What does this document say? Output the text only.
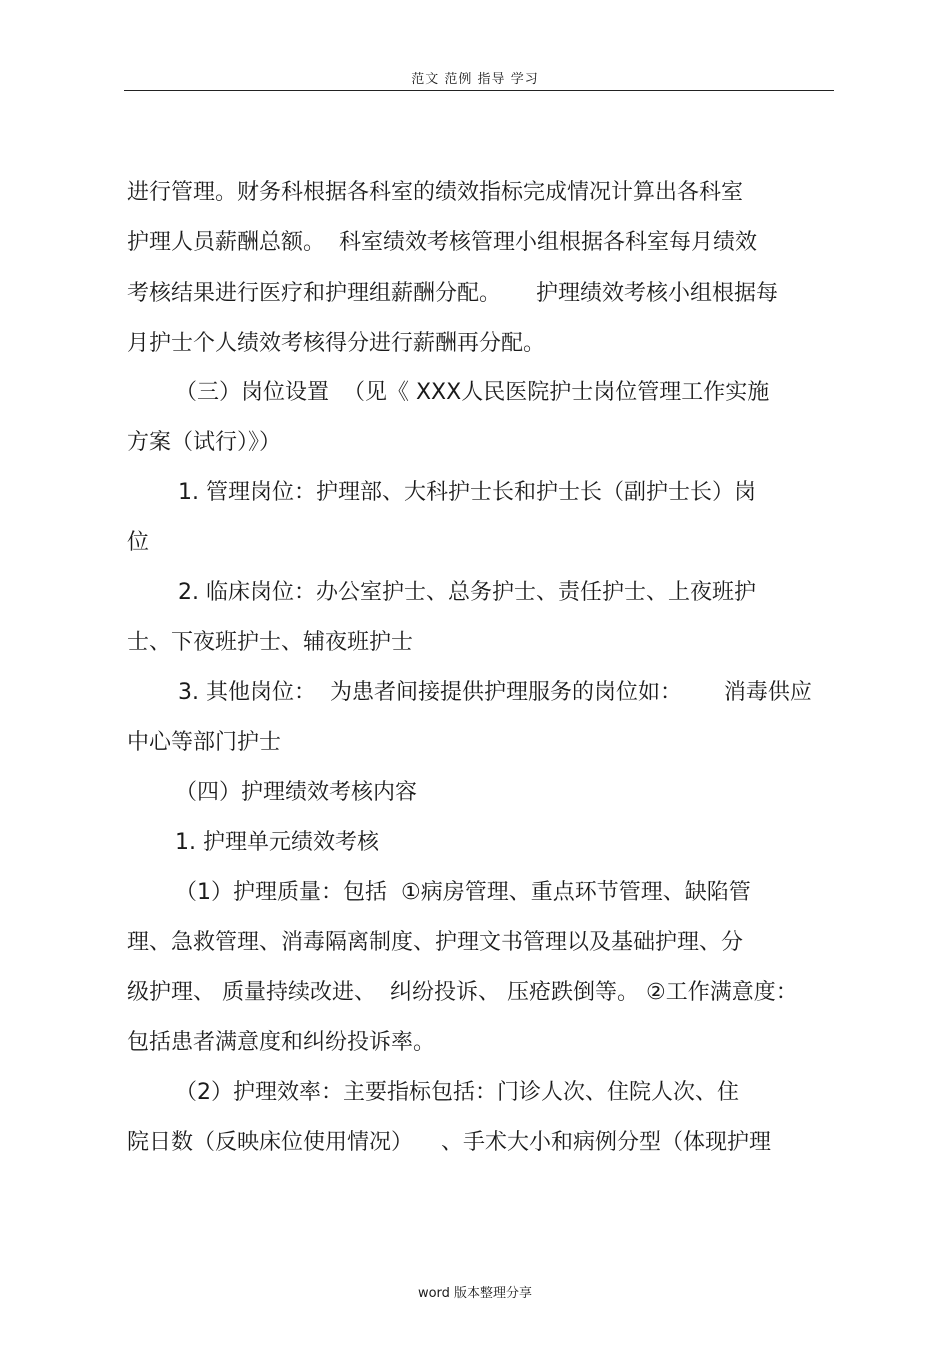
范文 范例 指导 学习
进行管理。财务科根据各科室的绩效指标完成情况计算出各科室
护理人员薪酬总额。  科室绩效考核管理小组根据各科室每月绩效
考核结果进行医疗和护理组薪酬分配。     护理绩效考核小组根据每
月护士个人绩效考核得分进行薪酬再分配。
（三）岗位设置  （见《 XXX人民医院护士岗位管理工作实施
方案（试行）》）
1. 管理岗位：护理部、大科护士长和护士长（副护士长）岗
位
2. 临床岗位：办公室护士、总务护士、责任护士、上夜班护
士、下夜班护士、辅夜班护士
3. 其他岗位：  为患者间接提供护理服务的岗位如：      消毒供应
中心等部门护士
（四）护理绩效考核内容
1. 护理单元绩效考核
（1）护理质量：包括  ①病房管理、重点环节管理、缺陷管
理、急救管理、消毒隔离制度、护理文书管理以及基础护理、分
级护理、 质量持续改进、  纠纷投诉、 压疮跌倒等。 ②工作满意度：
包括患者满意度和纠纷投诉率。
（2）护理效率：主要指标包括：门诊人次、住院人次、住
院日数（反映床位使用情况）    、手术大小和病例分型（体现护理
word 版本整理分享
